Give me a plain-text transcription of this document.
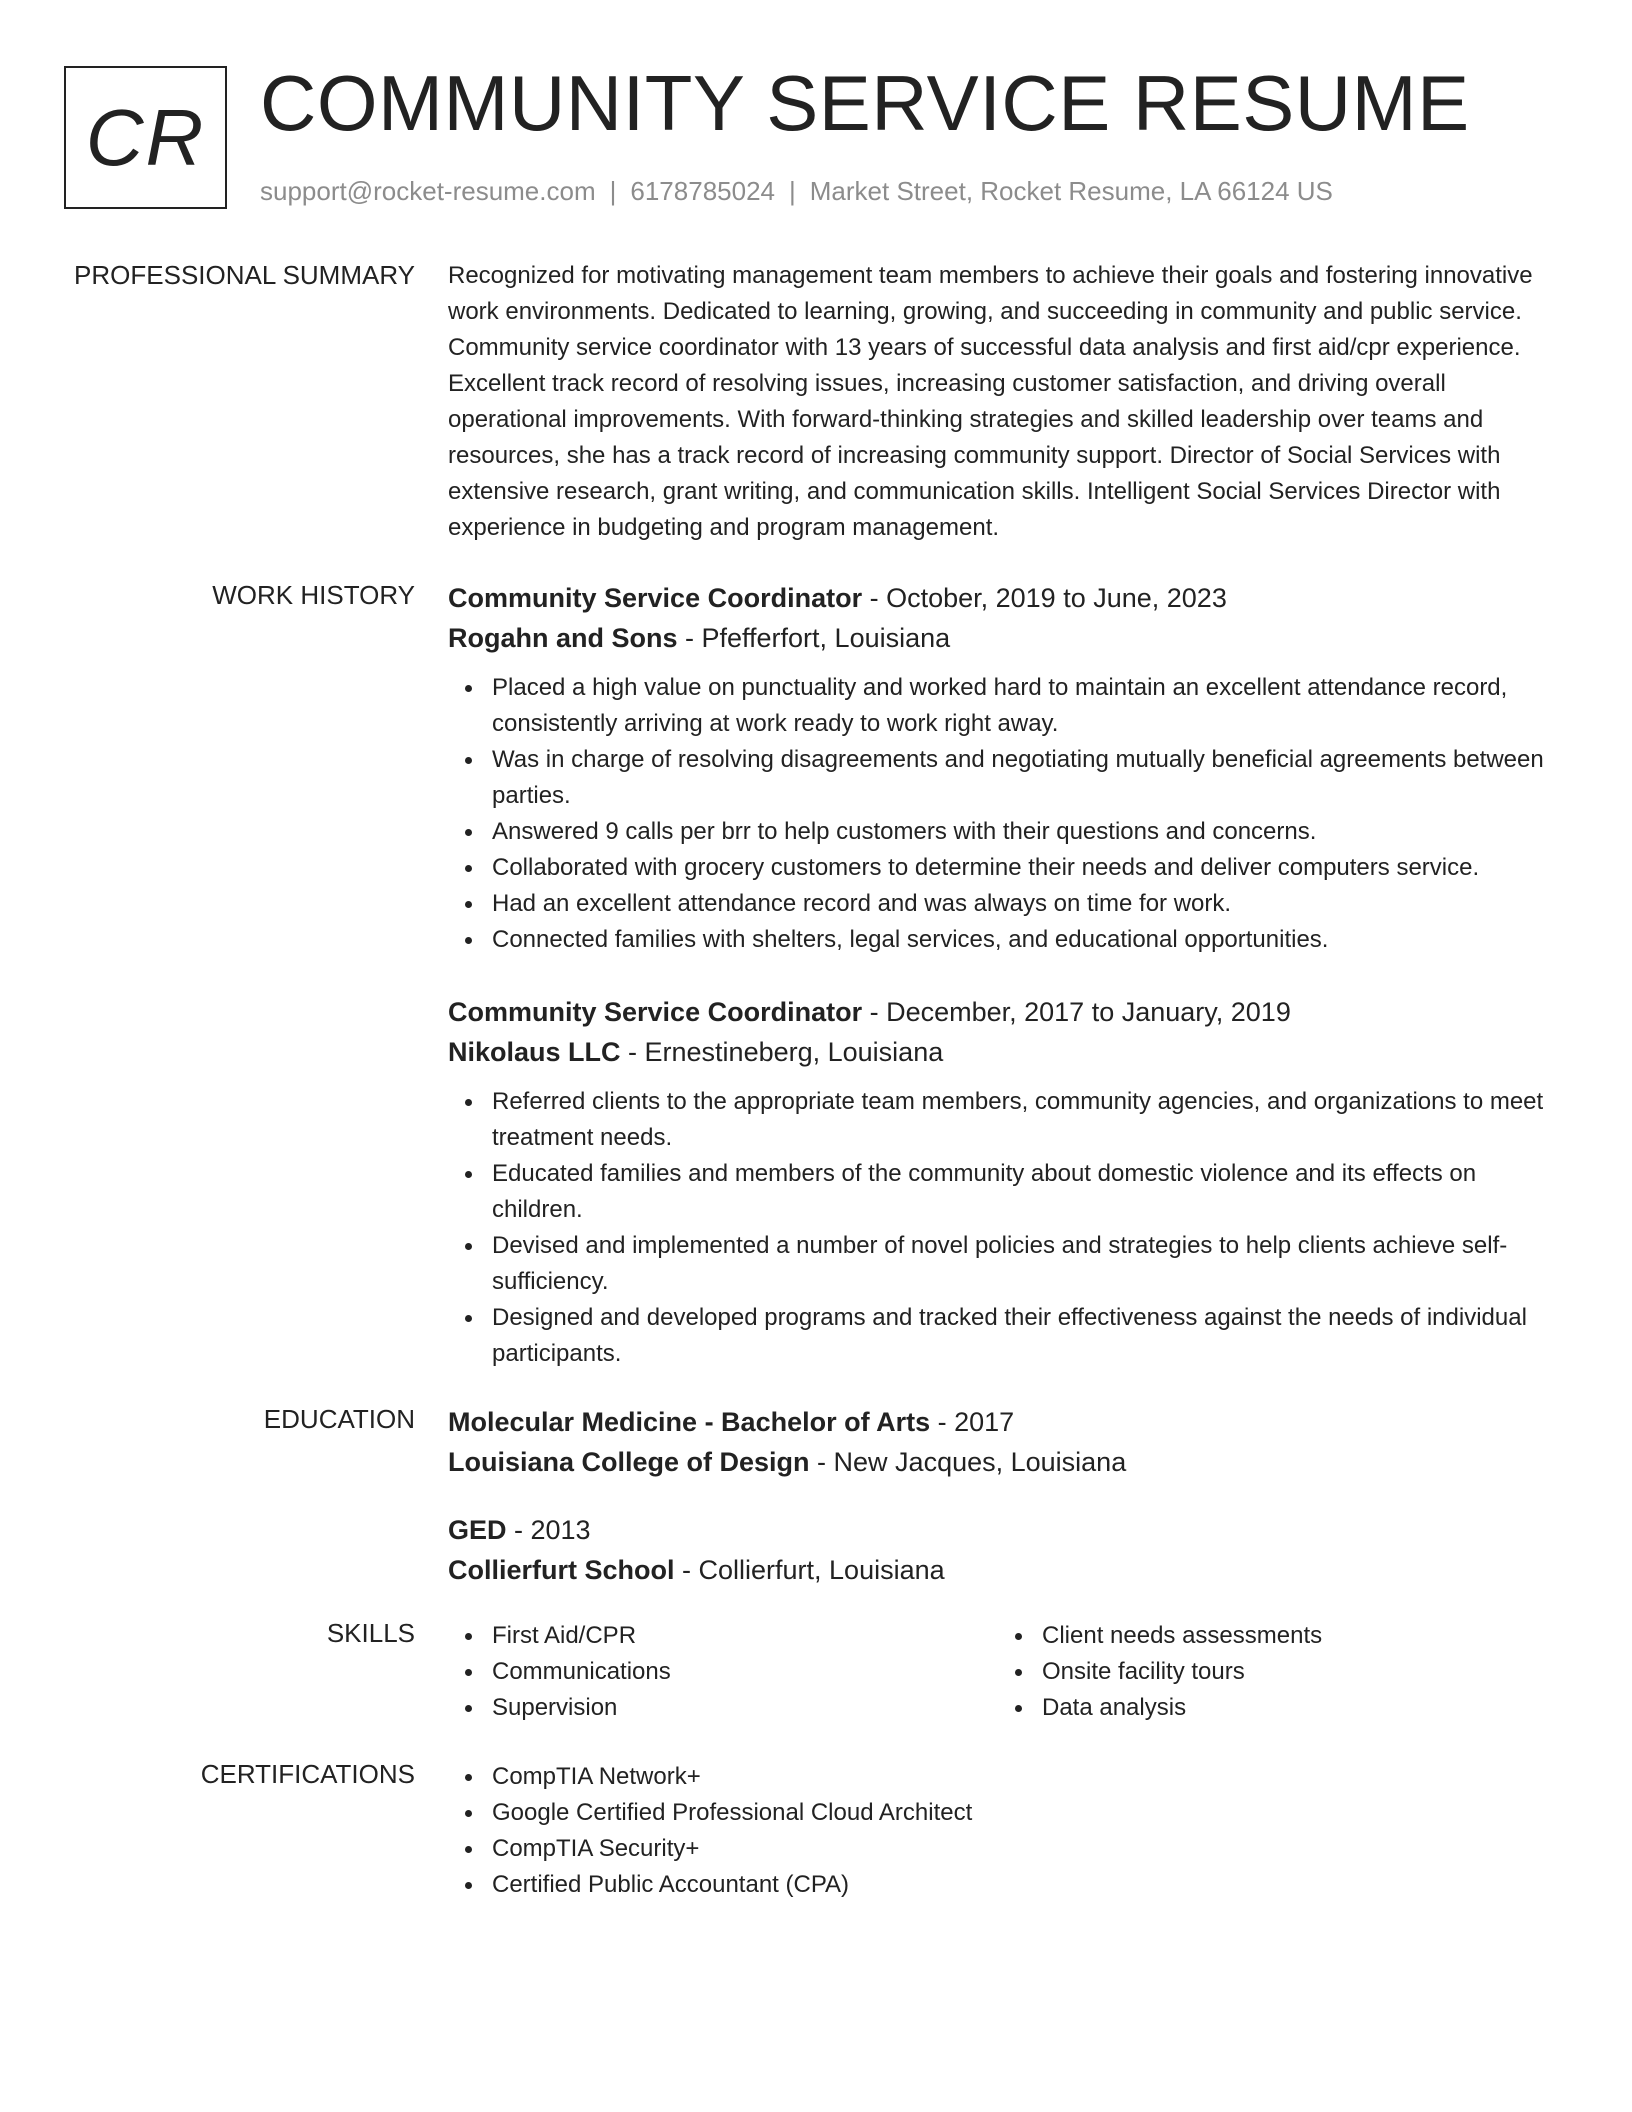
CR COMMUNITY SERVICE RESUME
support@rocket-resume.com | 6178785024 | Market Street, Rocket Resume, LA 66124 US
PROFESSIONAL SUMMARY Recognized for motivating management team members to achieve their goals and fostering innovative work environments. Dedicated to learning, growing, and succeeding in community and public service. Community service coordinator with 13 years of successful data analysis and first aid/cpr experience. Excellent track record of resolving issues, increasing customer satisfaction, and driving overall operational improvements. With forward-thinking strategies and skilled leadership over teams and resources, she has a track record of increasing community support. Director of Social Services with extensive research, grant writing, and communication skills. Intelligent Social Services Director with experience in budgeting and program management.

WORK HISTORY Community Service Coordinator - October, 2019 to June, 2023
Rogahn and Sons - Pfefferfort, Louisiana
Placed a high value on punctuality and worked hard to maintain an excellent attendance record, consistently arriving at work ready to work right away.
Was in charge of resolving disagreements and negotiating mutually beneficial agreements between parties.
Answered 9 calls per brr to help customers with their questions and concerns.
Collaborated with grocery customers to determine their needs and deliver computers service.
Had an excellent attendance record and was always on time for work.
Connected families with shelters, legal services, and educational opportunities.
Community Service Coordinator - December, 2017 to January, 2019
Nikolaus LLC - Ernestineberg, Louisiana
Referred clients to the appropriate team members, community agencies, and organizations to meet treatment needs.
Educated families and members of the community about domestic violence and its effects on children.
Devised and implemented a number of novel policies and strategies to help clients achieve self-sufficiency.
Designed and developed programs and tracked their effectiveness against the needs of individual participants.
EDUCATION Molecular Medicine - Bachelor of Arts - 2017
Louisiana College of Design - New Jacques, Louisiana
GED - 2013
Collierfurt School - Collierfurt, Louisiana
SKILLS	First Aid/CPR
Communications
Supervision
Client needs assessments
Onsite facility tours
Data analysis
CERTIFICATIONS	CompTIA Network+
Google Certified Professional Cloud Architect
CompTIA Security+
Certified Public Accountant (CPA)
